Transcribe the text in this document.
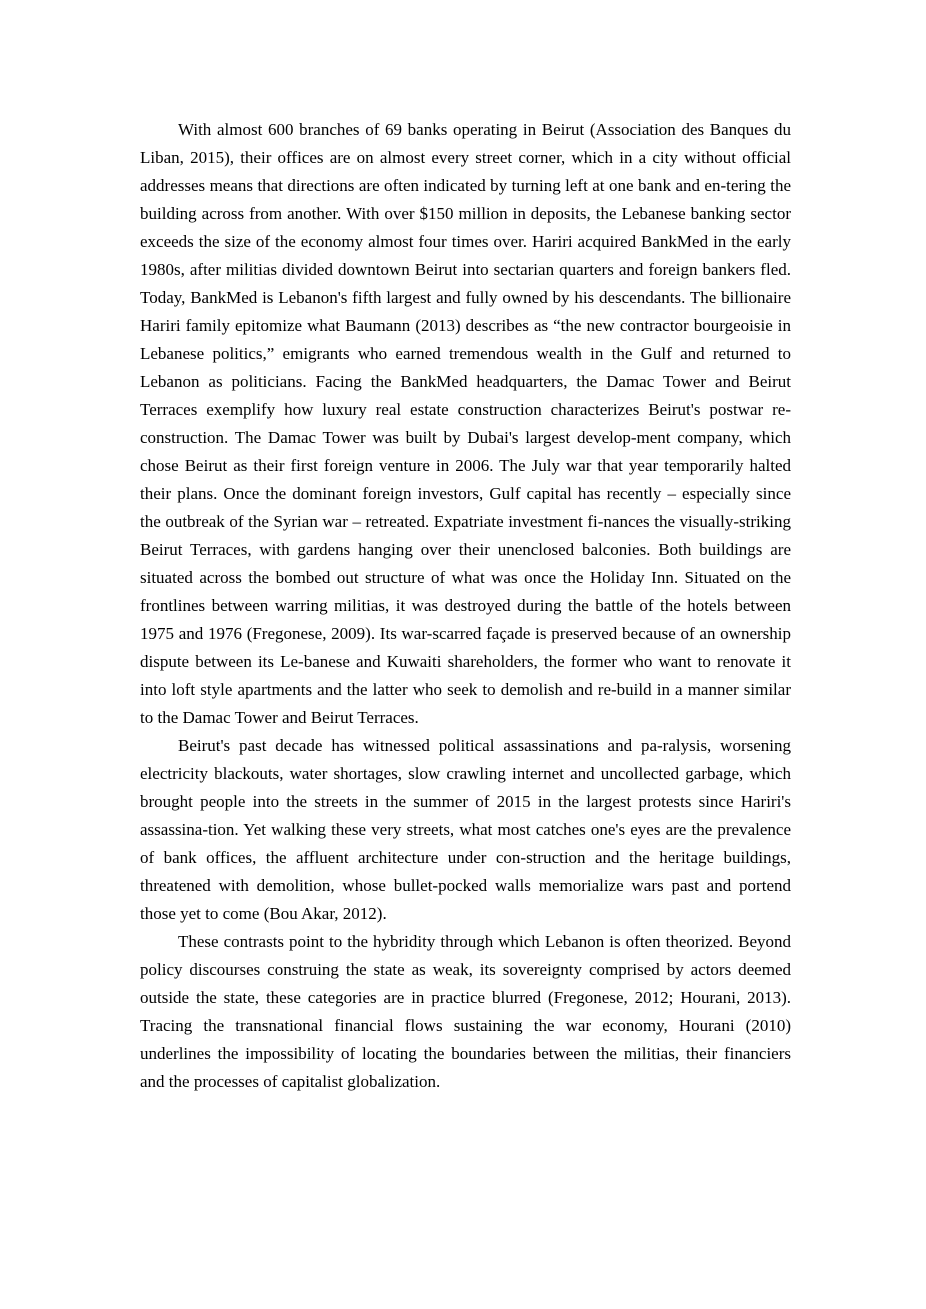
With almost 600 branches of 69 banks operating in Beirut (Association des Banques du Liban, 2015), their offices are on almost every street corner, which in a city without official addresses means that directions are often indicated by turning left at one bank and en-tering the building across from another. With over $150 million in deposits, the Lebanese banking sector exceeds the size of the economy almost four times over. Hariri acquired BankMed in the early 1980s, after militias divided downtown Beirut into sectarian quarters and foreign bankers fled. Today, BankMed is Lebanon's fifth largest and fully owned by his descendants. The billionaire Hariri family epitomize what Baumann (2013) describes as “the new contractor bourgeoisie in Lebanese politics,” emigrants who earned tremendous wealth in the Gulf and returned to Lebanon as politicians. Facing the BankMed headquarters, the Damac Tower and Beirut Terraces exemplify how luxury real estate construction characterizes Beirut's postwar re-construction. The Damac Tower was built by Dubai's largest develop-ment company, which chose Beirut as their first foreign venture in 2006. The July war that year temporarily halted their plans. Once the dominant foreign investors, Gulf capital has recently – especially since the outbreak of the Syrian war – retreated. Expatriate investment fi-nances the visually-striking Beirut Terraces, with gardens hanging over their unenclosed balconies. Both buildings are situated across the bombed out structure of what was once the Holiday Inn. Situated on the frontlines between warring militias, it was destroyed during the battle of the hotels between 1975 and 1976 (Fregonese, 2009). Its war-scarred façade is preserved because of an ownership dispute between its Le-banese and Kuwaiti shareholders, the former who want to renovate it into loft style apartments and the latter who seek to demolish and re-build in a manner similar to the Damac Tower and Beirut Terraces.

Beirut's past decade has witnessed political assassinations and pa-ralysis, worsening electricity blackouts, water shortages, slow crawling internet and uncollected garbage, which brought people into the streets in the summer of 2015 in the largest protests since Hariri's assassina-tion. Yet walking these very streets, what most catches one's eyes are the prevalence of bank offices, the affluent architecture under con-struction and the heritage buildings, threatened with demolition, whose bullet-pocked walls memorialize wars past and portend those yet to come (Bou Akar, 2012).

These contrasts point to the hybridity through which Lebanon is often theorized. Beyond policy discourses construing the state as weak, its sovereignty comprised by actors deemed outside the state, these categories are in practice blurred (Fregonese, 2012; Hourani, 2013). Tracing the transnational financial flows sustaining the war economy, Hourani (2010) underlines the impossibility of locating the boundaries between the militias, their financiers and the processes of capitalist globalization.
